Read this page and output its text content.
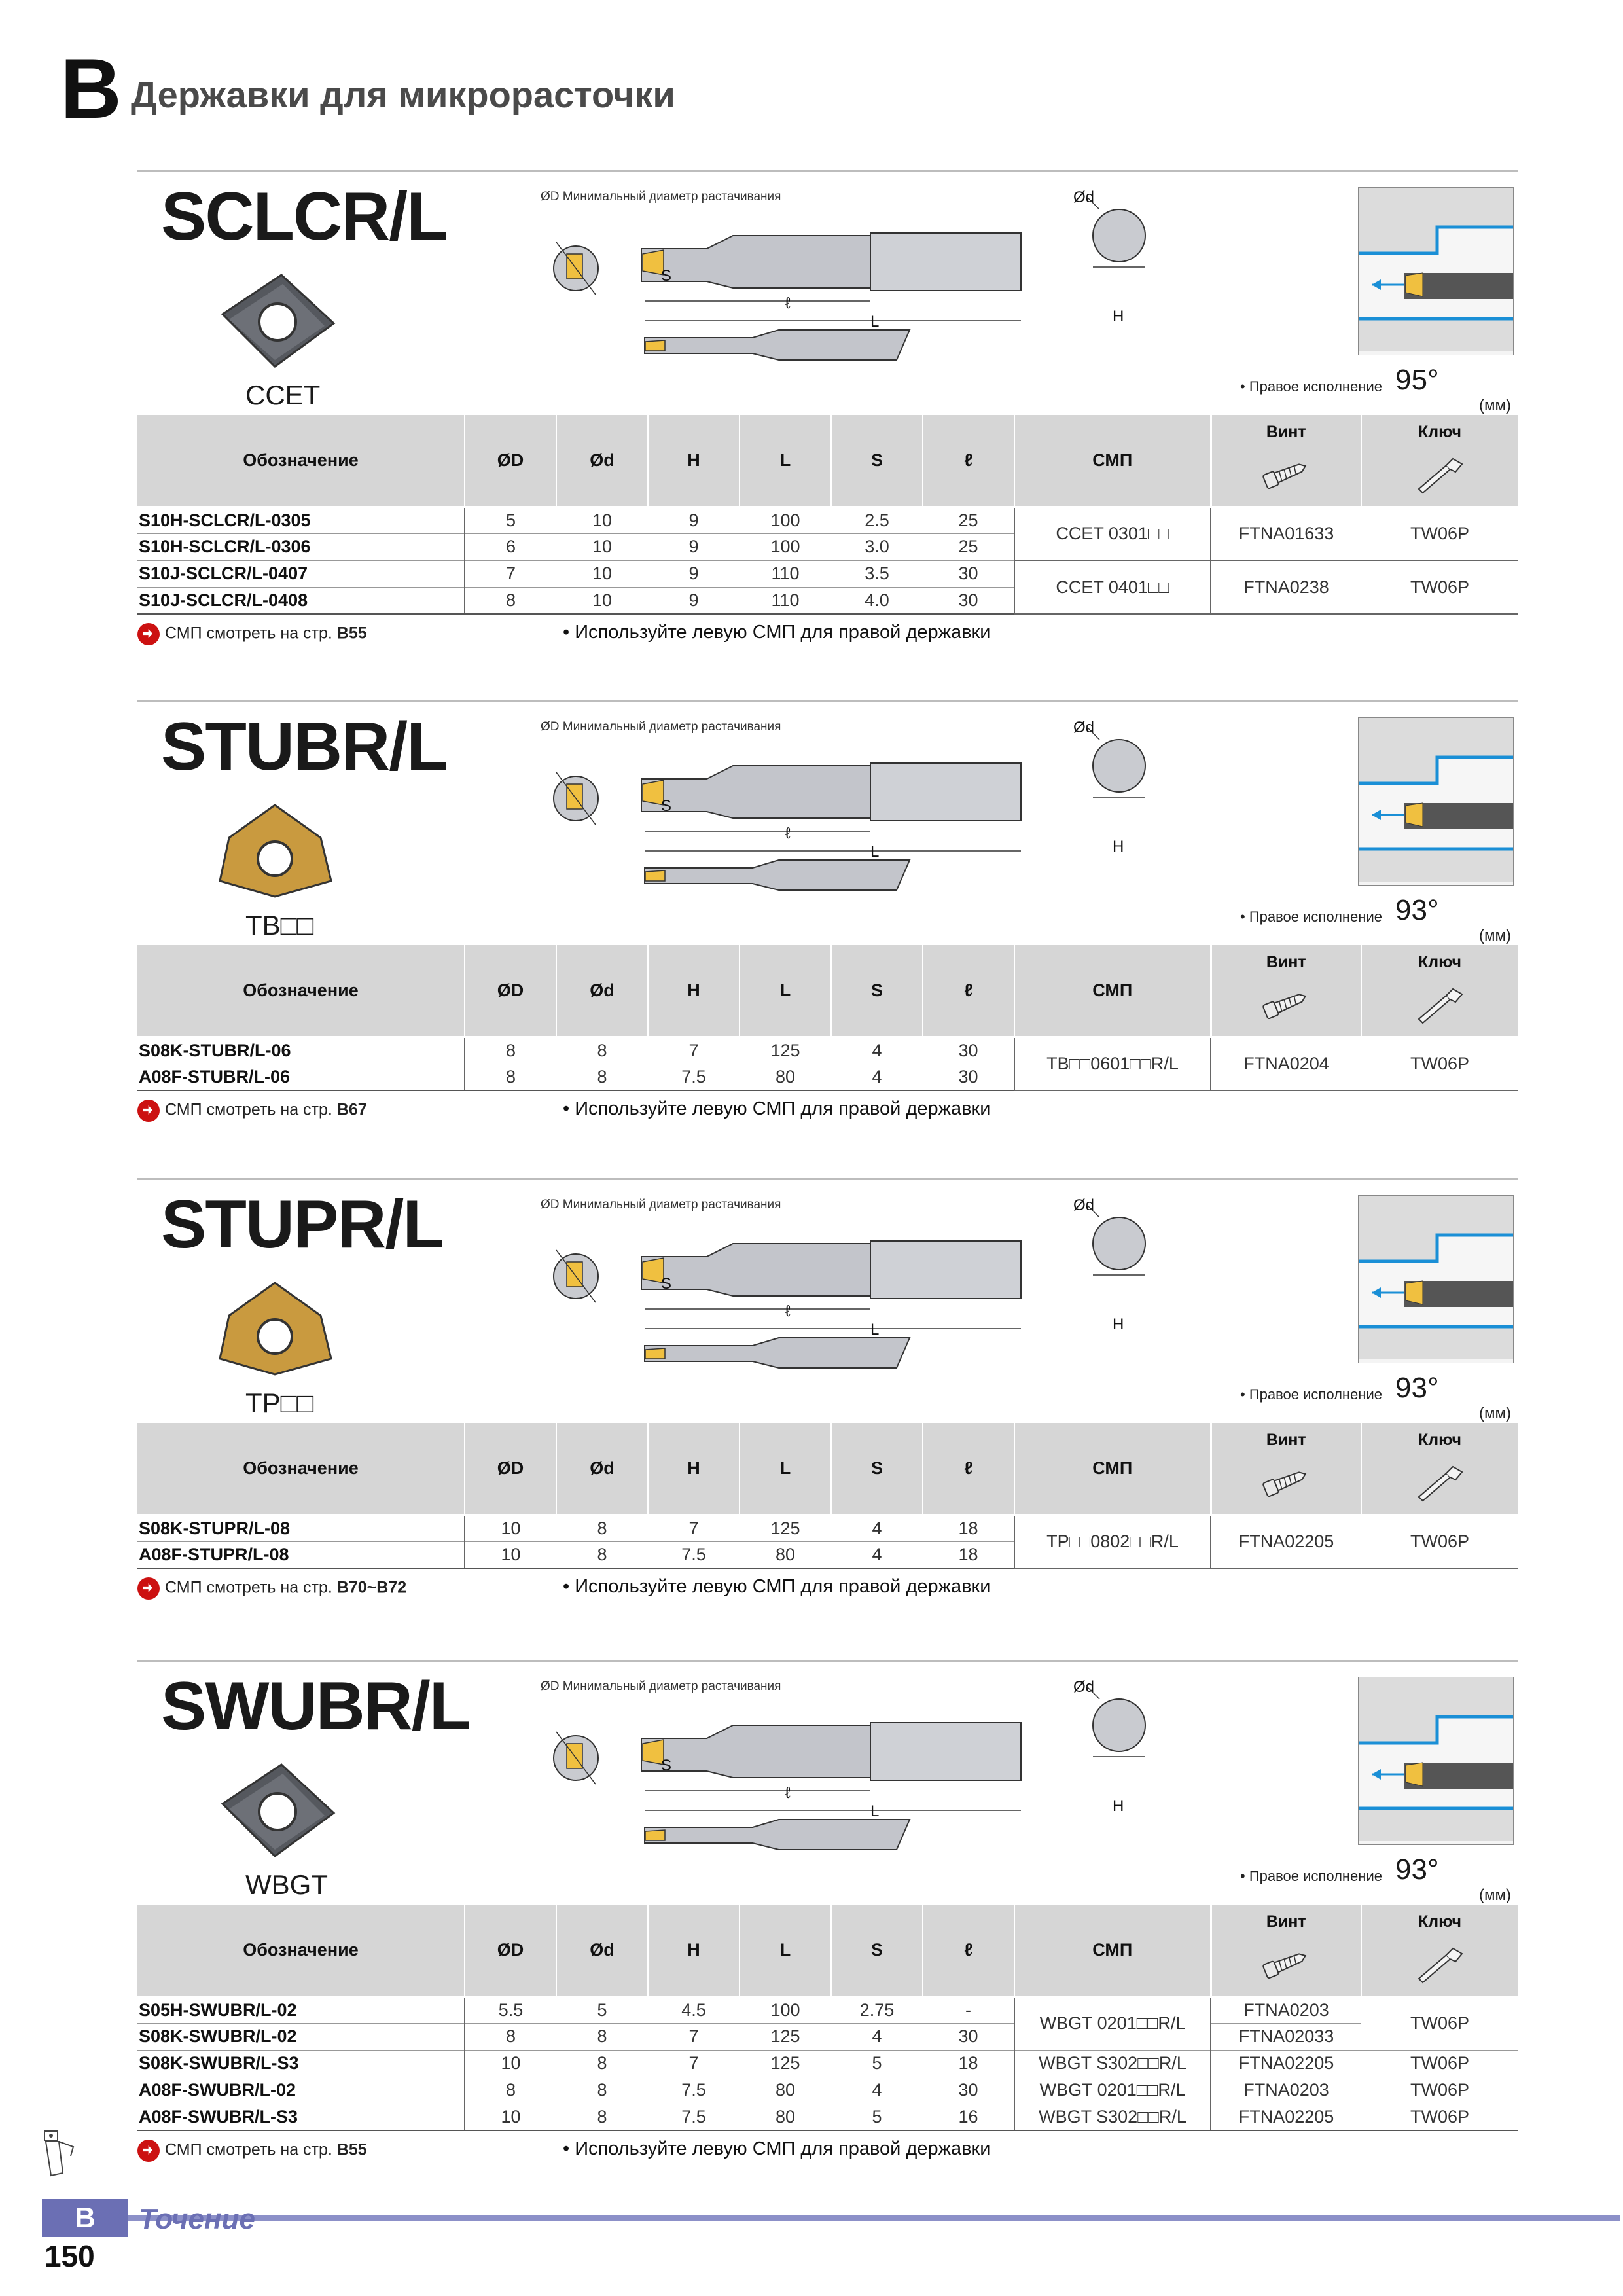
B Державки для микрорасточки
SCLCR/L
CCET
ØD Минимальный диаметр растачивания
S
ℓ
L
Ød
H
• Правое исполнение 95°
(мм)
Обозначение	ØD	Ød	H	L	S	ℓ	СМП	Винт	Ключ

S10H-SCLCR/L-0305	5	10	9	100	2.5	25	CCET 0301□□	FTNA01633	TW06P
S10H-SCLCR/L-0306	6	10	9	100	3.0	25			
S10J-SCLCR/L-0407	7	10	9	110	3.5	30	CCET 0401□□	FTNA0238	TW06P
S10J-SCLCR/L-0408	8	10	9	110	4.0	30			
СМП смотреть на стр. B55	• Используйте левую СМП для правой державки
STUBR/L
TB□□
ØD Минимальный диаметр растачивания
S
ℓ
L
Ød
H
• Правое исполнение 93°
(мм)
Обозначение	ØD	Ød	H	L	S	ℓ	СМП	Винт	Ключ

S08K-STUBR/L-06	8	8	7	125	4	30	TB□□0601□□R/L	FTNA0204	TW06P
A08F-STUBR/L-06	8	8	7.5	80	4	30			
СМП смотреть на стр. B67	• Используйте левую СМП для правой державки
STUPR/L
TP□□
ØD Минимальный диаметр растачивания
S
ℓ
L
Ød
H
• Правое исполнение 93°
(мм)
Обозначение	ØD	Ød	H	L	S	ℓ	СМП	Винт	Ключ

S08K-STUPR/L-08	10	8	7	125	4	18	TP□□0802□□R/L	FTNA02205	TW06P
A08F-STUPR/L-08	10	8	7.5	80	4	18			
СМП смотреть на стр. B70~B72	• Используйте левую СМП для правой державки
SWUBR/L
WBGT
ØD Минимальный диаметр растачивания
S
ℓ
L
Ød
H
• Правое исполнение 93°
(мм)
Обозначение	ØD	Ød	H	L	S	ℓ	СМП	Винт	Ключ

S05H-SWUBR/L-02	5.5	5	4.5	100	2.75	-	WBGT 0201□□R/L	FTNA0203	TW06P
S08K-SWUBR/L-02	8	8	7	125	4	30		FTNA02033	
S08K-SWUBR/L-S3	10	8	7	125	5	18	WBGT S302□□R/L	FTNA02205	TW06P
A08F-SWUBR/L-02	8	8	7.5	80	4	30	WBGT 0201□□R/L	FTNA0203	TW06P
A08F-SWUBR/L-S3	10	8	7.5	80	5	16	WBGT S302□□R/L	FTNA02205	TW06P
СМП смотреть на стр. B55	• Используйте левую СМП для правой державки
B	Точение
150
